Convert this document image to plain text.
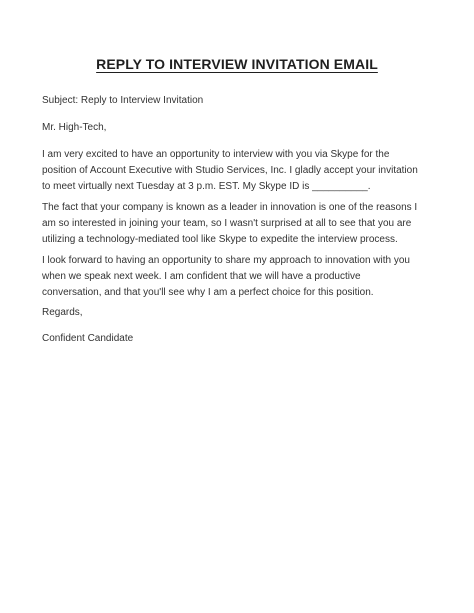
REPLY TO INTERVIEW INVITATION EMAIL
Subject: Reply to Interview Invitation
Mr. High-Tech,
I am very excited to have an opportunity to interview with you via Skype for the
position of Account Executive with Studio Services, Inc. I gladly accept your invitation
to meet virtually next Tuesday at 3 p.m. EST. My Skype ID is __________.
The fact that your company is known as a leader in innovation is one of the reasons I
am so interested in joining your team, so I wasn't surprised at all to see that you are
utilizing a technology-mediated tool like Skype to expedite the interview process.
I look forward to having an opportunity to share my approach to innovation with you
when we speak next week. I am confident that we will have a productive
conversation, and that you'll see why I am a perfect choice for this position.
Regards,
Confident Candidate
